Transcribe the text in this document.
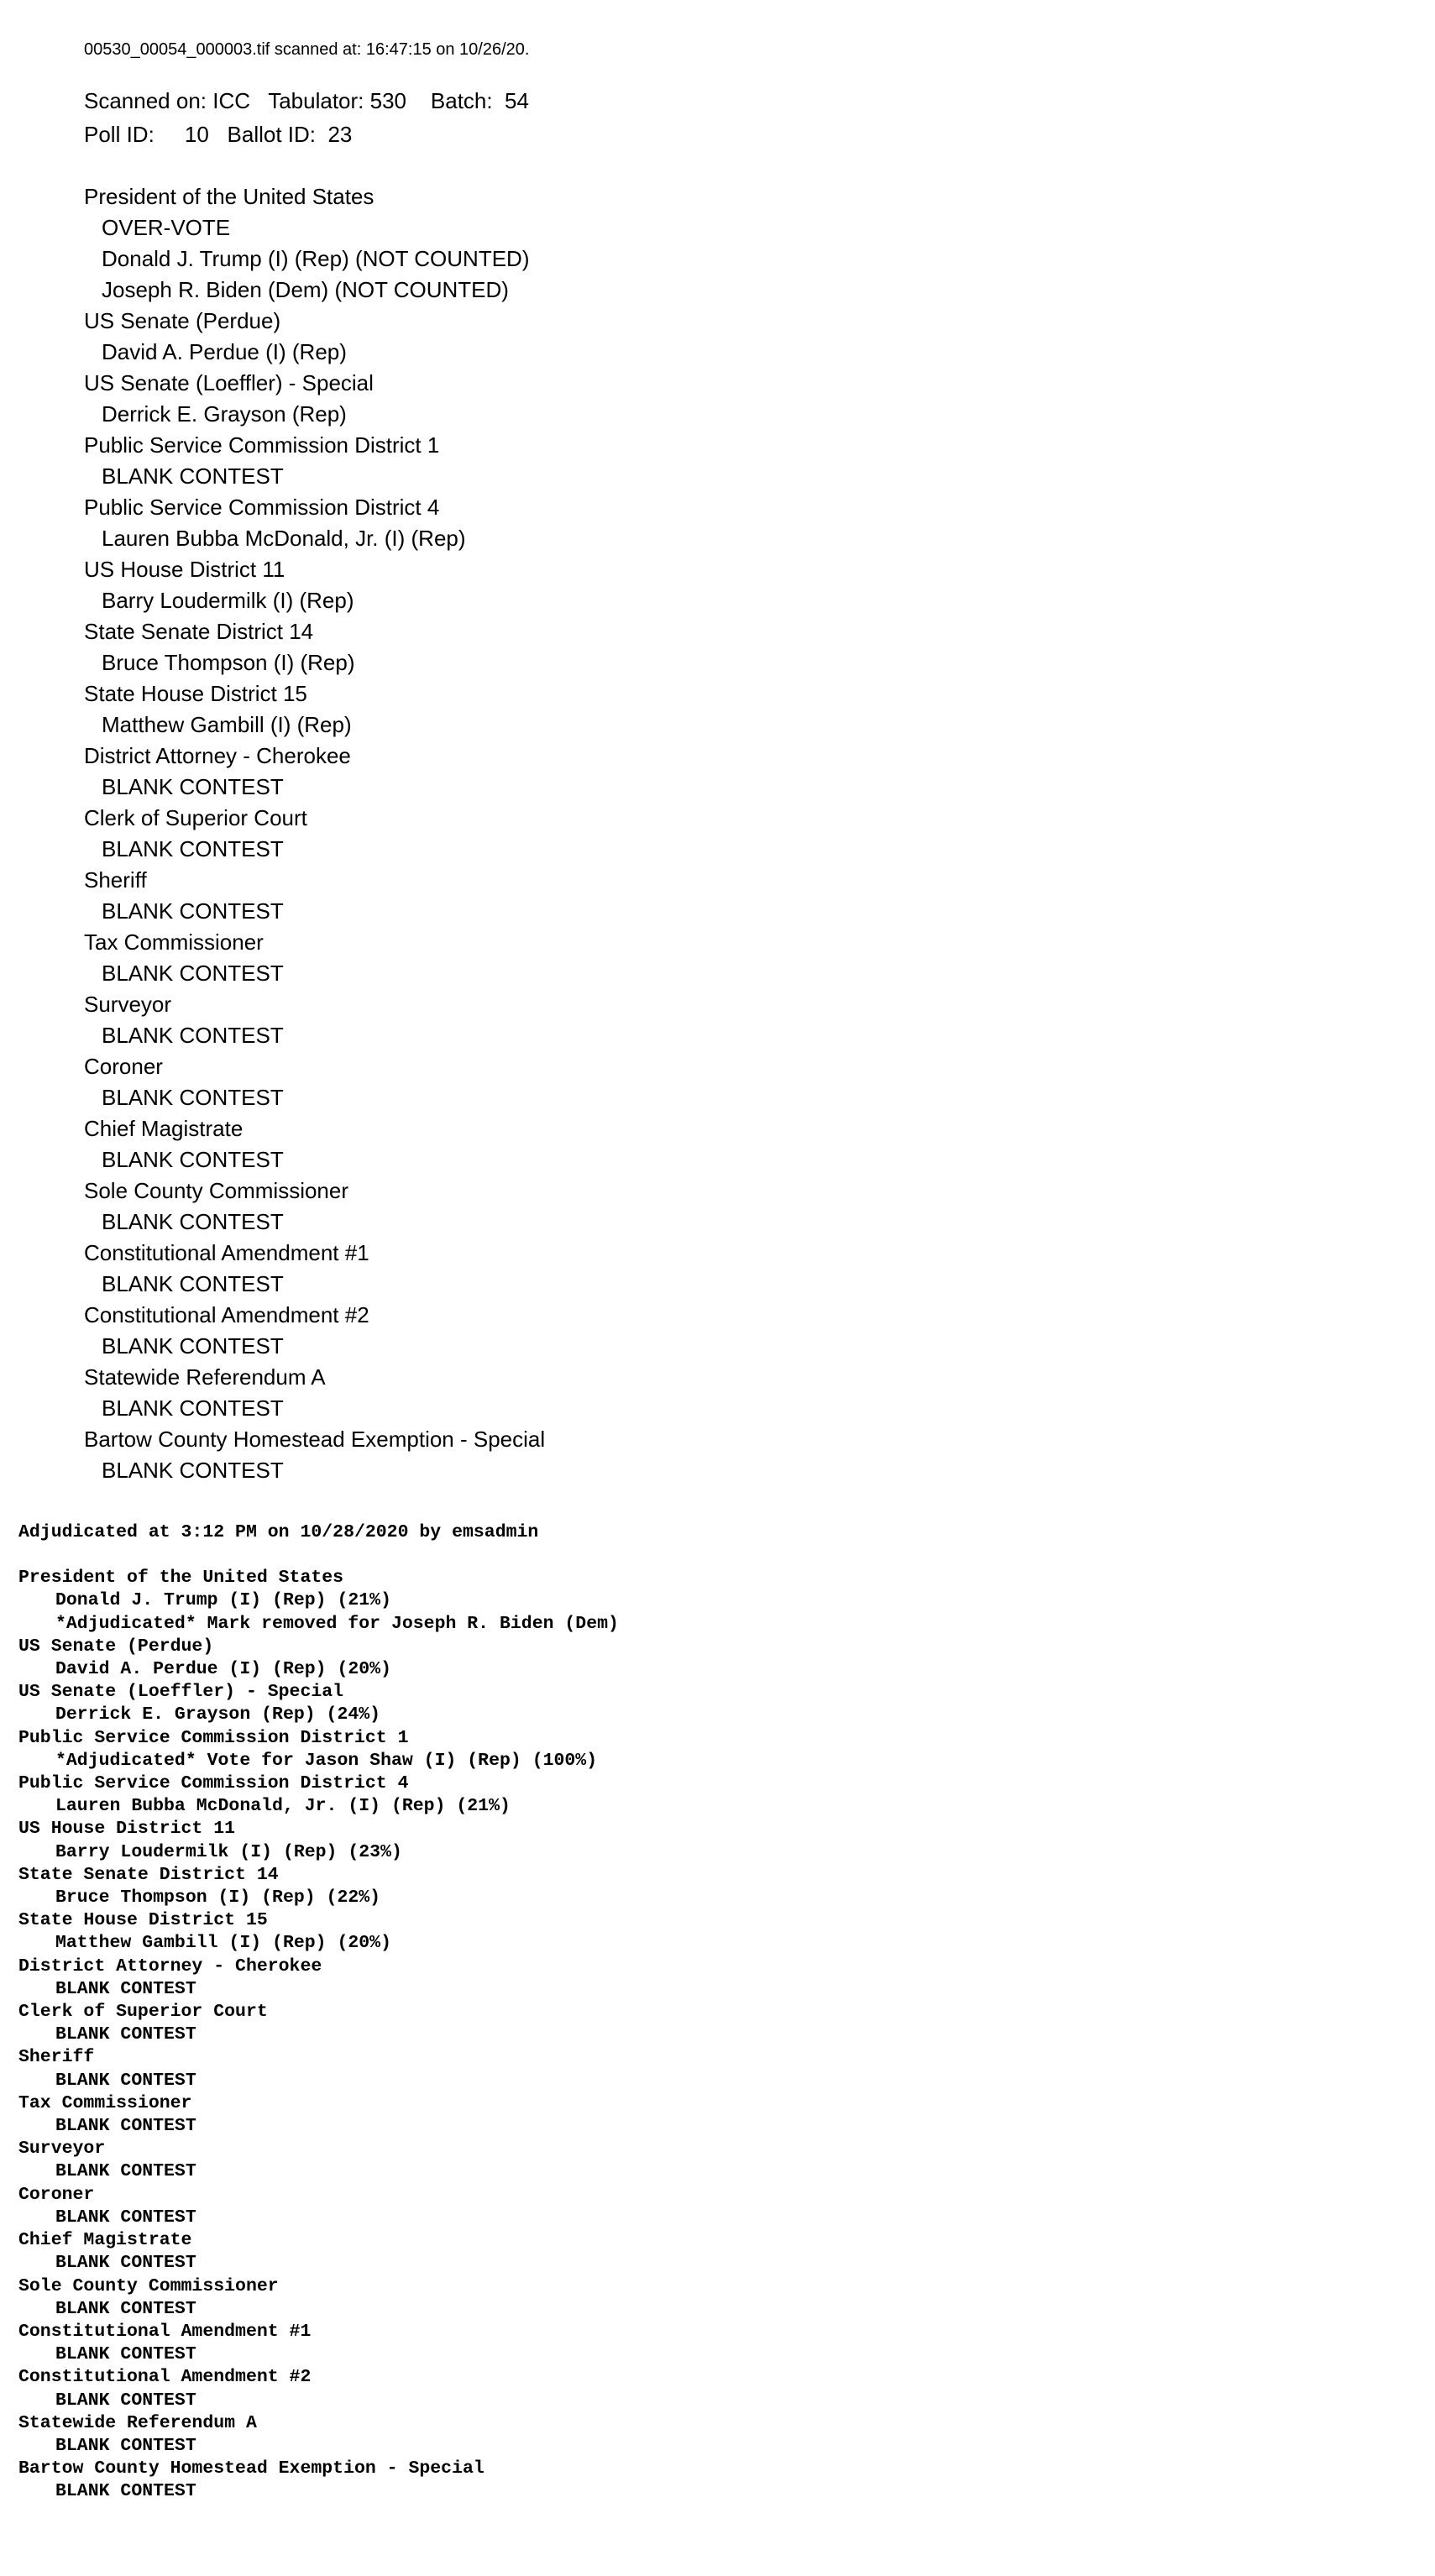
00530_00054_000003.tif scanned at: 16:47:15 on 10/26/20.
Scanned on: ICC   Tabulator: 530    Batch:  54
Poll ID:     10   Ballot ID:  23
President of the United States
OVER-VOTE
Donald J. Trump (I) (Rep) (NOT COUNTED)
Joseph R. Biden (Dem) (NOT COUNTED)
US Senate (Perdue)
David A. Perdue (I) (Rep)
US Senate (Loeffler) - Special
Derrick E. Grayson (Rep)
Public Service Commission District 1
BLANK CONTEST
Public Service Commission District 4
Lauren Bubba McDonald, Jr. (I) (Rep)
US House District 11
Barry Loudermilk (I) (Rep)
State Senate District 14
Bruce Thompson (I) (Rep)
State House District 15
Matthew Gambill (I) (Rep)
District Attorney - Cherokee
BLANK CONTEST
Clerk of Superior Court
BLANK CONTEST
Sheriff
BLANK CONTEST
Tax Commissioner
BLANK CONTEST
Surveyor
BLANK CONTEST
Coroner
BLANK CONTEST
Chief Magistrate
BLANK CONTEST
Sole County Commissioner
BLANK CONTEST
Constitutional Amendment #1
BLANK CONTEST
Constitutional Amendment #2
BLANK CONTEST
Statewide Referendum A
BLANK CONTEST
Bartow County Homestead Exemption - Special
BLANK CONTEST
Adjudicated at 3:12 PM on 10/28/2020 by emsadmin
President of the United States
Donald J. Trump (I) (Rep) (21%)
*Adjudicated* Mark removed for Joseph R. Biden (Dem)
US Senate (Perdue)
David A. Perdue (I) (Rep) (20%)
US Senate (Loeffler) - Special
Derrick E. Grayson (Rep) (24%)
Public Service Commission District 1
*Adjudicated* Vote for Jason Shaw (I) (Rep) (100%)
Public Service Commission District 4
Lauren Bubba McDonald, Jr. (I) (Rep) (21%)
US House District 11
Barry Loudermilk (I) (Rep) (23%)
State Senate District 14
Bruce Thompson (I) (Rep) (22%)
State House District 15
Matthew Gambill (I) (Rep) (20%)
District Attorney - Cherokee
BLANK CONTEST
Clerk of Superior Court
BLANK CONTEST
Sheriff
BLANK CONTEST
Tax Commissioner
BLANK CONTEST
Surveyor
BLANK CONTEST
Coroner
BLANK CONTEST
Chief Magistrate
BLANK CONTEST
Sole County Commissioner
BLANK CONTEST
Constitutional Amendment #1
BLANK CONTEST
Constitutional Amendment #2
BLANK CONTEST
Statewide Referendum A
BLANK CONTEST
Bartow County Homestead Exemption - Special
BLANK CONTEST
